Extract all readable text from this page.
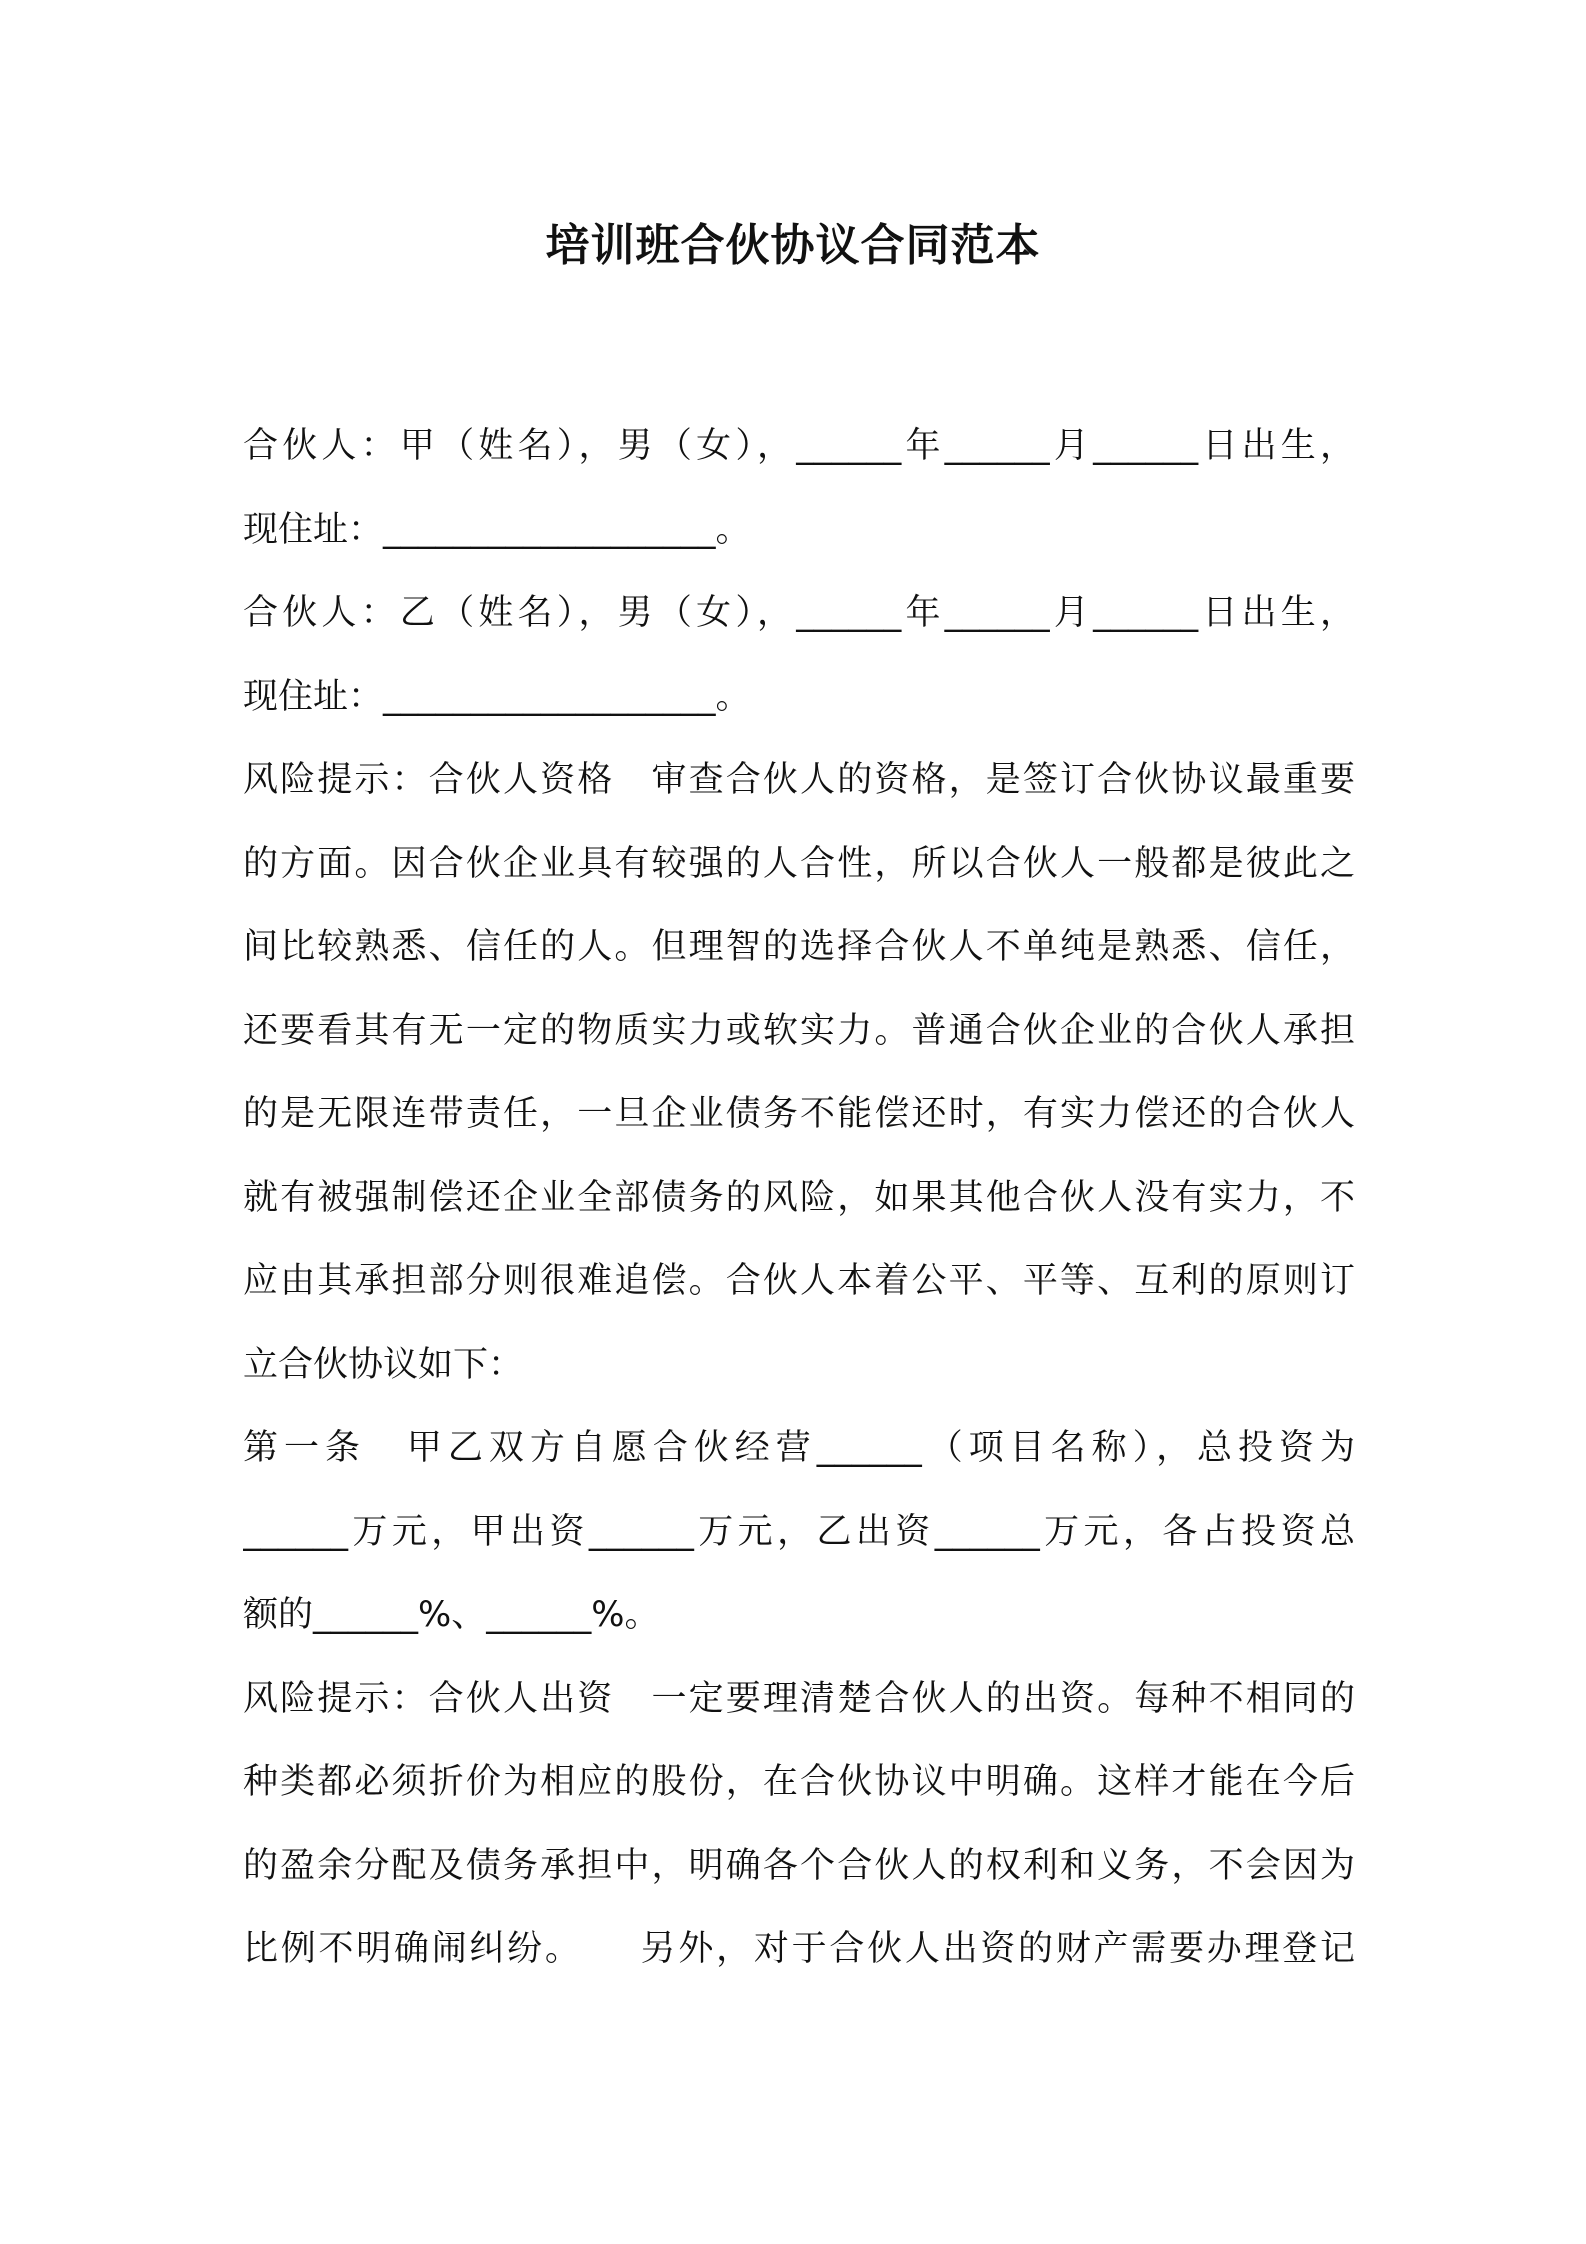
培训班合伙协议合同范本
合伙人：甲（姓名），男（女），______年______月______日出生，
现住址：___________________。
合伙人：乙（姓名），男（女），______年______月______日出生，
现住址：___________________。
风险提示：合伙人资格　审查合伙人的资格，是签订合伙协议最重要
的方面。因合伙企业具有较强的人合性，所以合伙人一般都是彼此之
间比较熟悉、信任的人。但理智的选择合伙人不单纯是熟悉、信任，
还要看其有无一定的物质实力或软实力。普通合伙企业的合伙人承担
的是无限连带责任，一旦企业债务不能偿还时，有实力偿还的合伙人
就有被强制偿还企业全部债务的风险，如果其他合伙人没有实力，不
应由其承担部分则很难追偿。合伙人本着公平、平等、互利的原则订
立合伙协议如下：
第一条　甲乙双方自愿合伙经营______（项目名称），总投资为
______万元，甲出资______万元，乙出资______万元，各占投资总
额的______%、______%。
风险提示：合伙人出资　一定要理清楚合伙人的出资。每种不相同的
种类都必须折价为相应的股份，在合伙协议中明确。这样才能在今后
的盈余分配及债务承担中，明确各个合伙人的权利和义务，不会因为
比例不明确闹纠纷。　　另外，对于合伙人出资的财产需要办理登记
